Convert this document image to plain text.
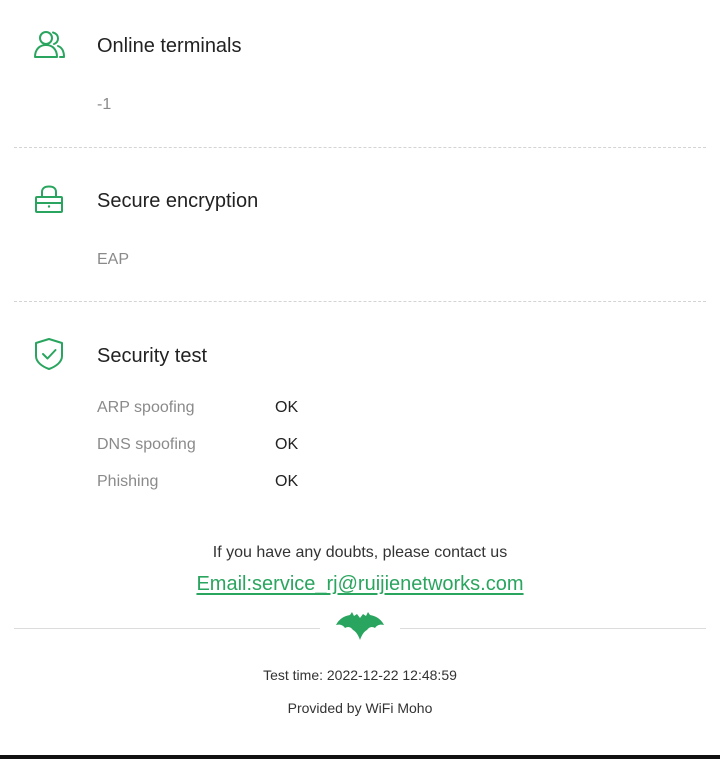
Online terminals
-1
Secure encryption
EAP
Security test
ARP spoofing	OK
DNS spoofing	OK
Phishing	OK
If you have any doubts, please contact us
Email:service_rj@ruijienetworks.com
Test time: 2022-12-22 12:48:59
Provided by WiFi Moho
